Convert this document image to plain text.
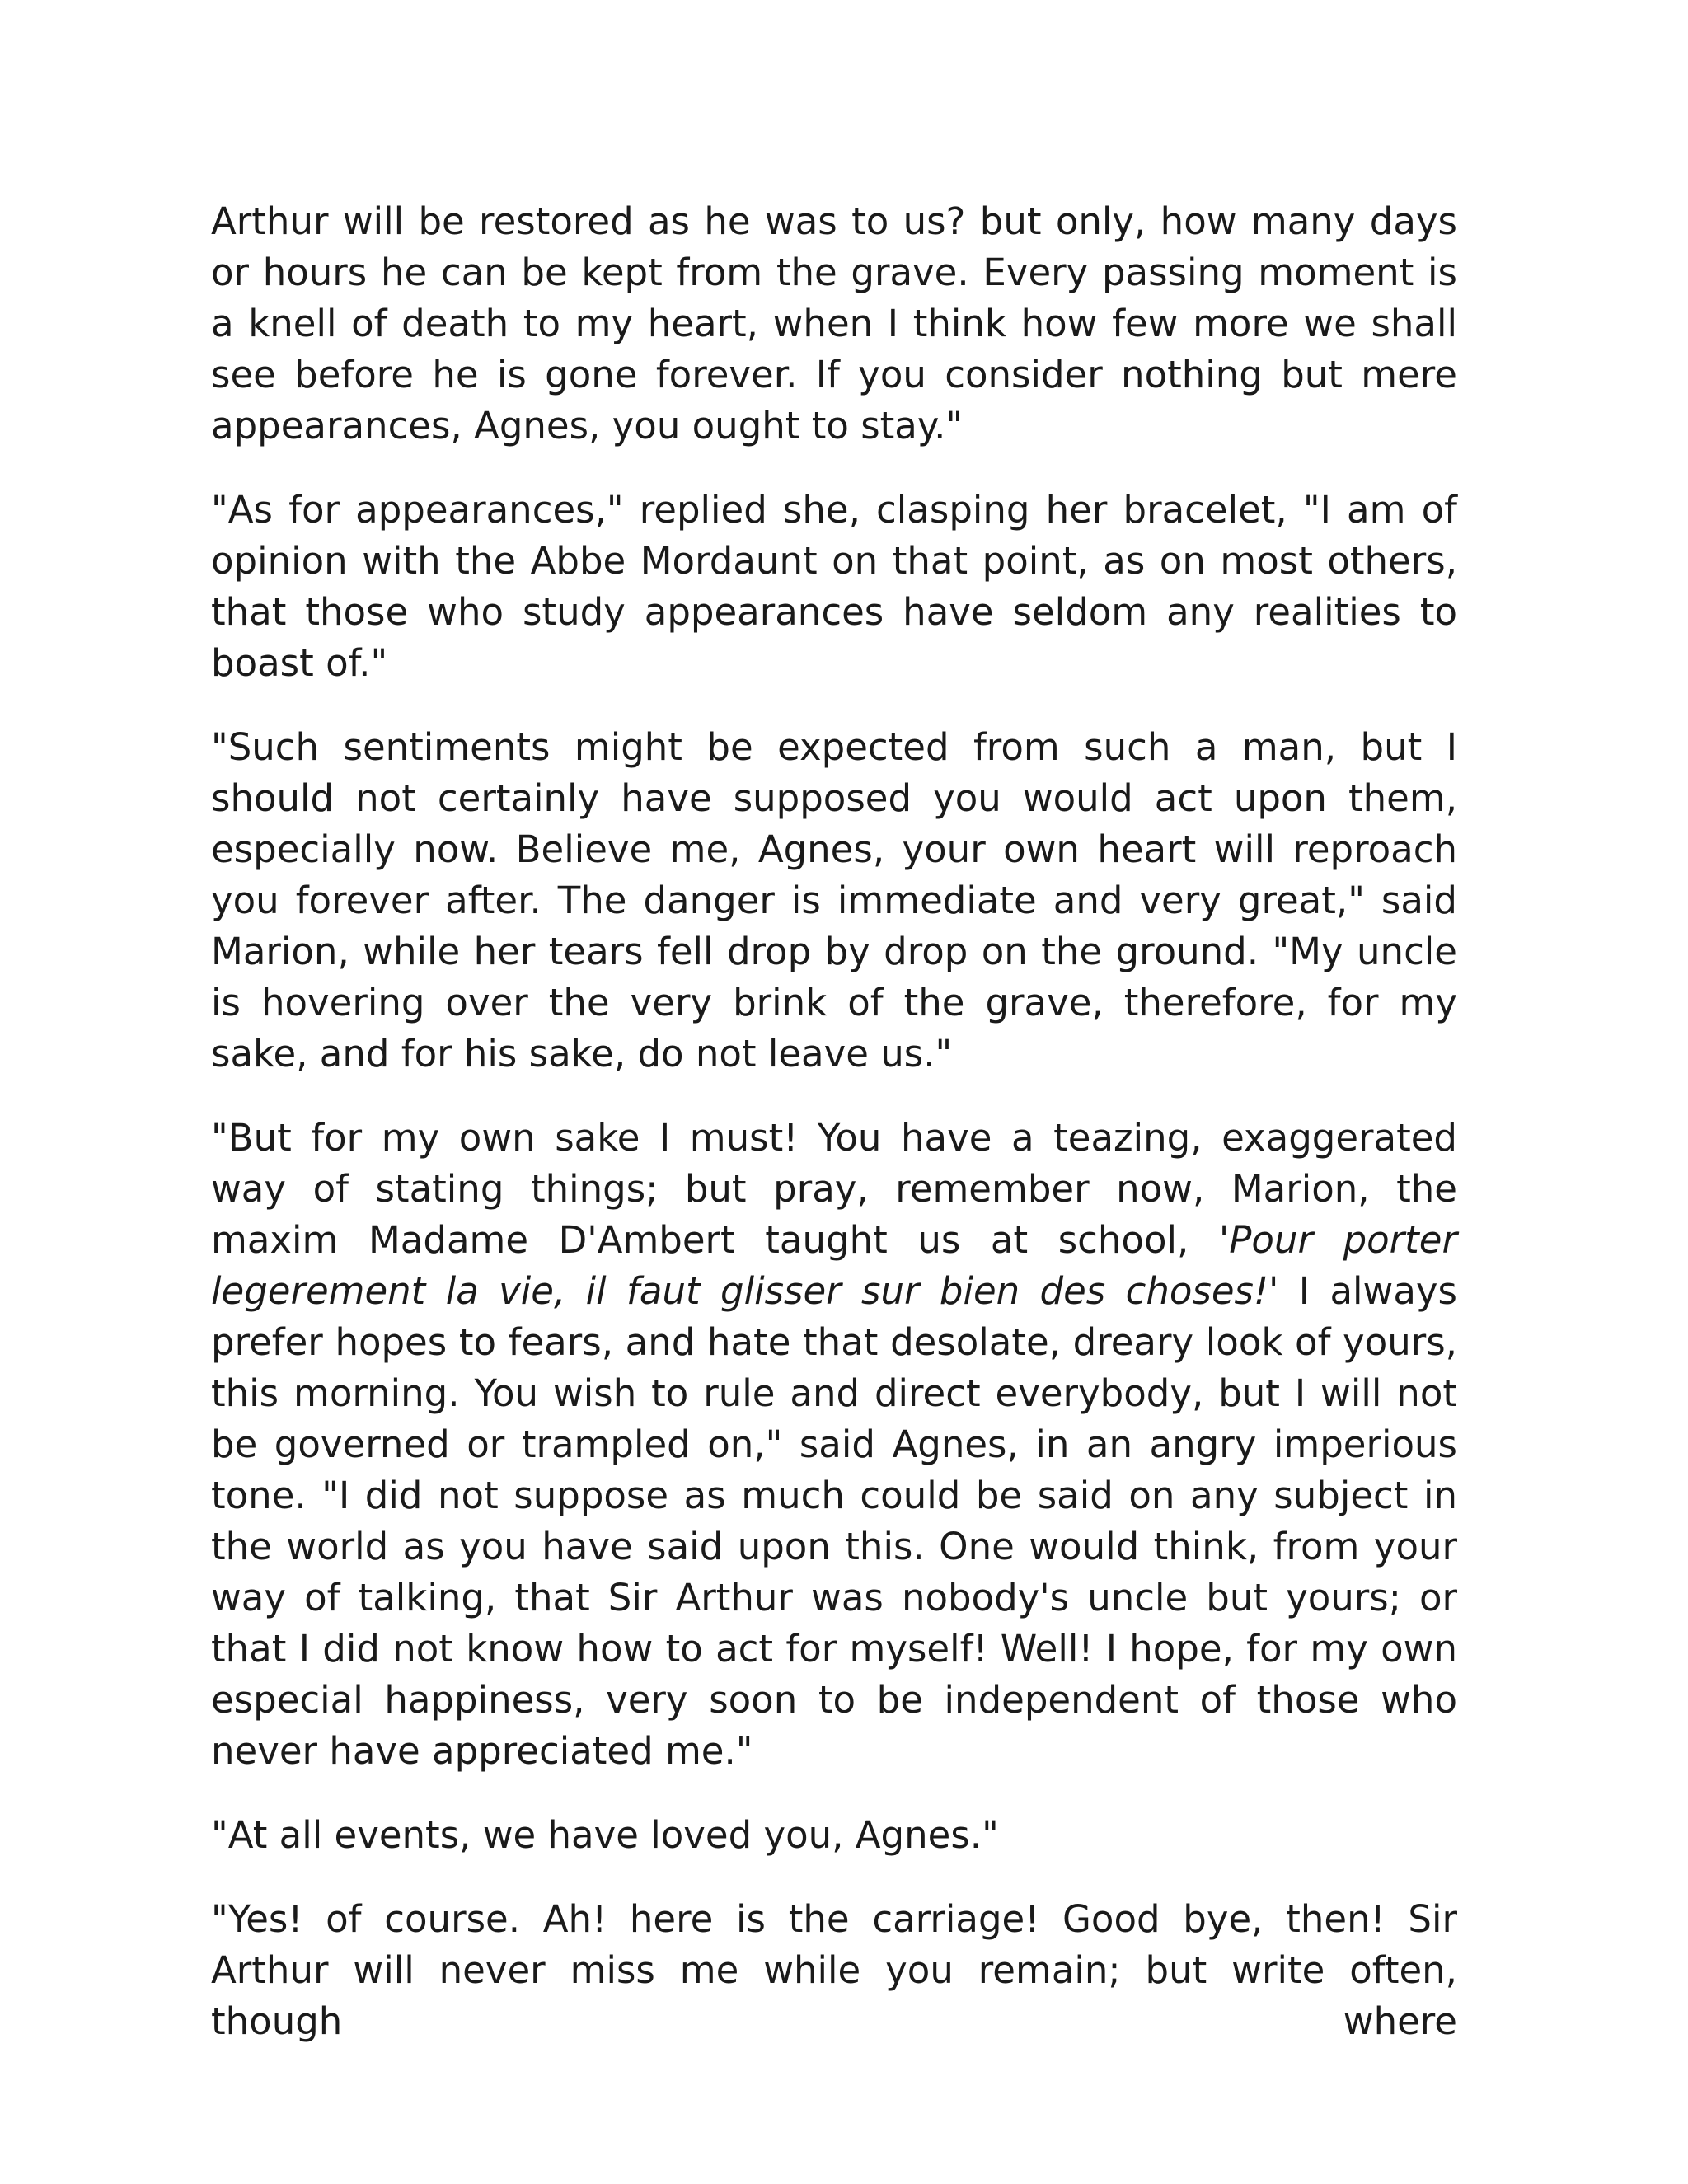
Arthur will be restored as he was to us? but only, how many days or hours he can be kept from the grave. Every passing moment is a knell of death to my heart, when I think how few more we shall see before he is gone forever. If you consider nothing but mere appearances, Agnes, you ought to stay."

"As for appearances," replied she, clasping her bracelet, "I am of opinion with the Abbe Mordaunt on that point, as on most others, that those who study appearances have seldom any realities to boast of."

"Such sentiments might be expected from such a man, but I should not certainly have supposed you would act upon them, especially now. Believe me, Agnes, your own heart will reproach you forever after. The danger is immediate and very great," said Marion, while her tears fell drop by drop on the ground. "My uncle is hovering over the very brink of the grave, therefore, for my sake, and for his sake, do not leave us."

"But for my own sake I must! You have a teazing, exaggerated way of stating things; but pray, remember now, Marion, the maxim Madame D'Ambert taught us at school, 'Pour porter legerement la vie, il faut glisser sur bien des choses!' I always prefer hopes to fears, and hate that desolate, dreary look of yours, this morning. You wish to rule and direct everybody, but I will not be governed or trampled on," said Agnes, in an angry imperious tone. "I did not suppose as much could be said on any subject in the world as you have said upon this. One would think, from your way of talking, that Sir Arthur was nobody's uncle but yours; or that I did not know how to act for myself! Well! I hope, for my own especial happiness, very soon to be independent of those who never have appreciated me."

"At all events, we have loved you, Agnes."

"Yes! of course. Ah! here is the carriage! Good bye, then! Sir Arthur will never miss me while you remain; but write often, though where
